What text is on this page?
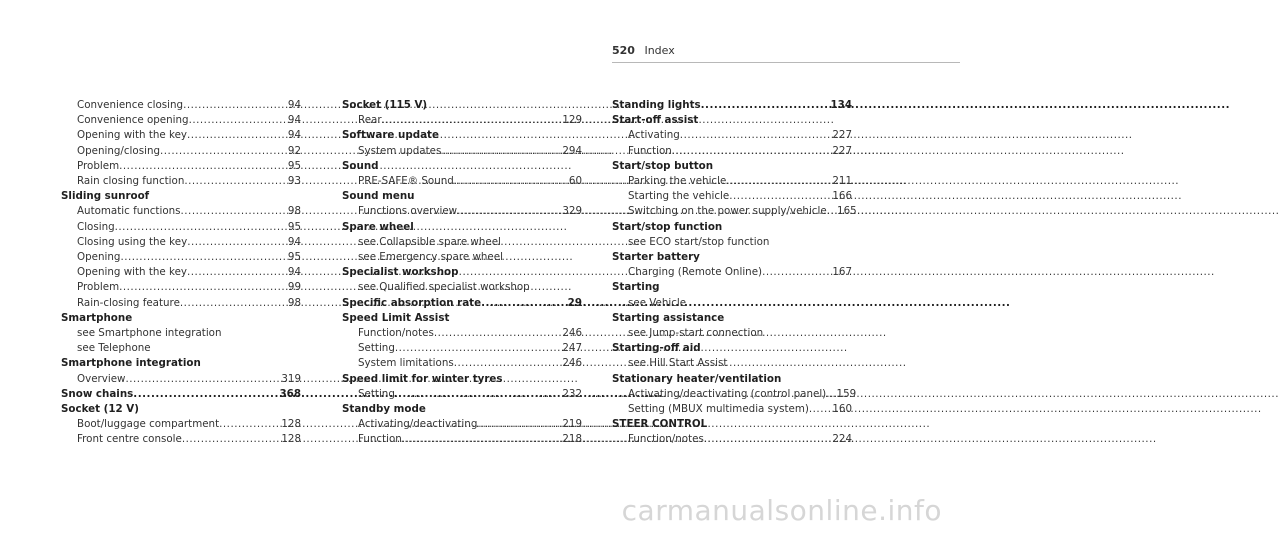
520 Index
Convenience closing .....	94
Convenience opening .....	94
Opening with the key .....	94
Opening/closing .....	92
Problem .....	95
Rain closing function .....	93
Sliding sunroof
Automatic functions .....	98
Closing .....	95
Closing using the key .....	94
Opening .....	95
Opening with the key .....	94
Problem .....	99
Rain-closing feature .....	98
Smartphone
see Smartphone integration
see Telephone
Smartphone integration
Overview .....	319
Snow chains .....	368
Socket (12 V)
Boot/luggage compartment .....	128
Front centre console .....	128
Socket (115 V)
Rear .....	129
Software update
System updates .....	294
Sound
PRE-SAFE® Sound .....	60
Sound menu
Functions overview .....	329
Spare wheel
see Collapsible spare wheel
see Emergency spare wheel
Specialist workshop
see Qualified specialist workshop
Specific absorption rate .....	29
Speed Limit Assist
Function/notes .....	246
Setting .....	247
System limitations .....	246
Speed limit for winter tyres
Setting .....	232
Standby mode
Activating/deactivating .....	219
Function .....	218
Standing lights .....	134
Start-off assist
Activating .....	227
Function .....	227
Start/stop button
Parking the vehicle .....	211
Starting the vehicle .....	166
Switching on the power supply/vehicle .....	165
Start/stop function
see ECO start/stop function
Starter battery
Charging (Remote Online) .....	167
Starting
see Vehicle
Starting assistance
see Jump-start connection
Starting-off aid
see Hill Start Assist
Stationary heater/ventilation
Activating/deactivating (control panel) .....	159
Setting (MBUX multimedia system) .....	160
STEER CONTROL
Function/notes .....	224
carmanualsonline.info
